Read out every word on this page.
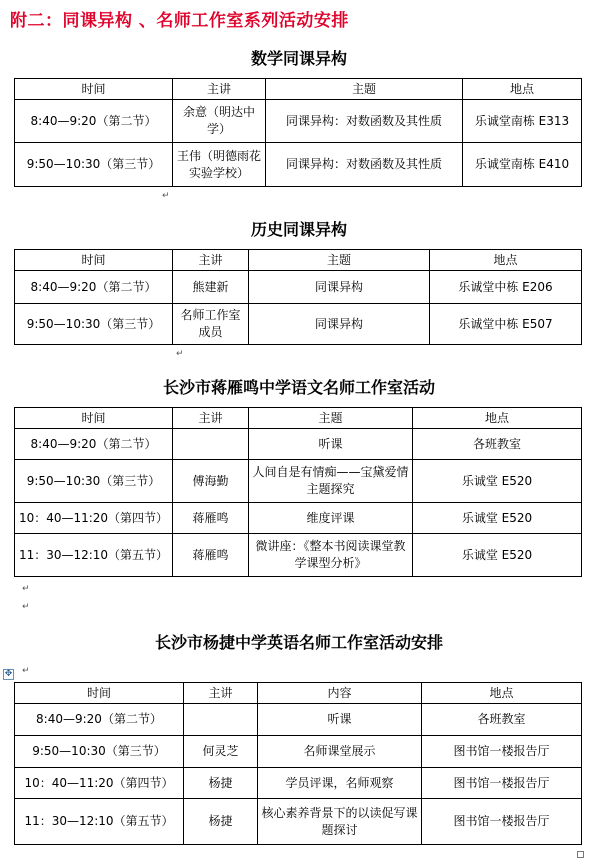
附二：同课异构 、名师工作室系列活动安排
数学同课异构
时间	主讲	主题	地点
8:40—9:20（第二节）	余意（明达中学）	同课异构：对数函数及其性质	乐诚堂南栋 E313
9:50—10:30（第三节）	王伟（明德雨花实验学校）	同课异构：对数函数及其性质	乐诚堂南栋 E410
↵
历史同课异构
时间	主讲	主题	地点
8:40—9:20（第二节）	熊建新	同课异构	乐诚堂中栋 E206
9:50—10:30（第三节）	名师工作室成员	同课异构	乐诚堂中栋 E507
↵
长沙市蒋雁鸣中学语文名师工作室活动
时间	主讲	主题	地点
8:40—9:20（第二节）		听课	各班教室
9:50—10:30（第三节）	傅海勤	人间自是有情痴——宝黛爱情主题探究	乐诚堂 E520
10：40—11:20（第四节）	蒋雁鸣	维度评课	乐诚堂 E520
11：30—12:10（第五节）	蒋雁鸣	微讲座：《整本书阅读课堂教学课型分析》	乐诚堂 E520
↵
↵
长沙市杨捷中学英语名师工作室活动安排
✥ ↵
时间	主讲	内容	地点
8:40—9:20（第二节）		听课	各班教室
9:50—10:30（第三节）	何灵芝	名师课堂展示	图书馆一楼报告厅
10：40—11:20（第四节）	杨捷	学员评课，名师观察	图书馆一楼报告厅
11：30—12:10（第五节）	杨捷	核心素养背景下的以读促写课题探讨	图书馆一楼报告厅
